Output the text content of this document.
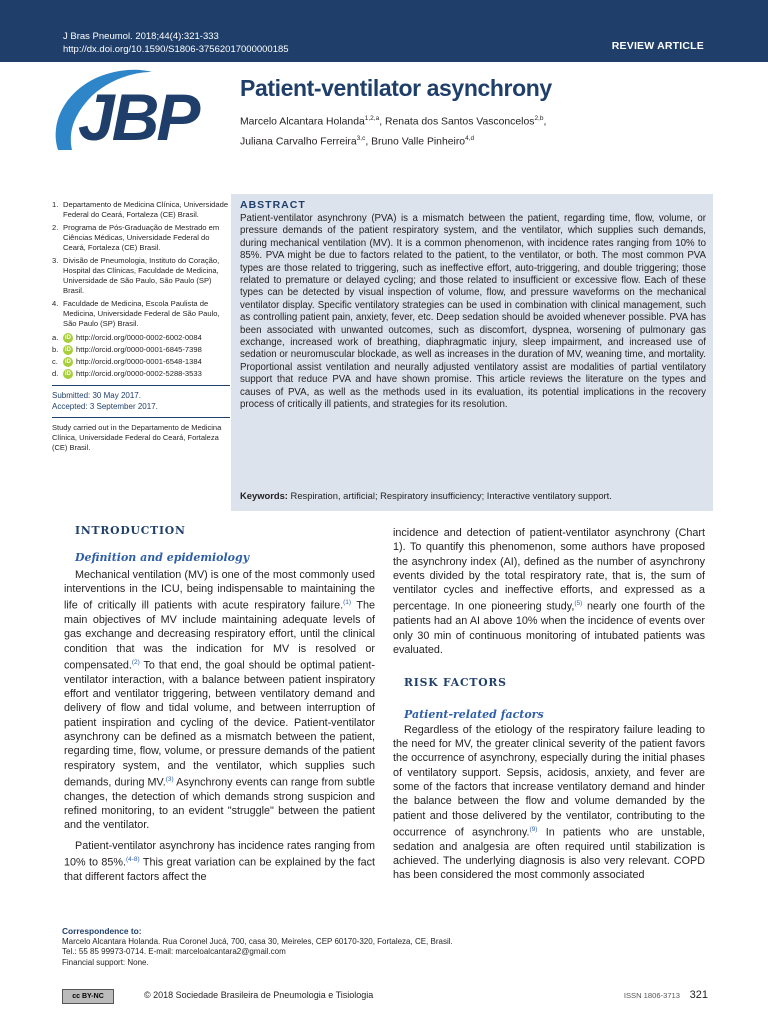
J Bras Pneumol. 2018;44(4):321-333
http://dx.doi.org/10.1590/S1806-37562017000000185	REVIEW ARTICLE
JBP Patient-ventilator asynchrony
Marcelo Alcantara Holanda$^{1,2,a}$, Renata dos Santos Vasconcelos$^{2,b}$,
Juliana Carvalho Ferreira$^{3,c}$, Bruno Valle Pinheiro$^{4,d}$
1. Departamento de Medicina Clínica, Universidade Federal do Ceará, Fortaleza (CE) Brasil.
2. Programa de Pós-Graduação de Mestrado em Ciências Médicas, Universidade Federal do Ceará, Fortaleza (CE) Brasil.
3. Divisão de Pneumologia, Instituto do Coração, Hospital das Clínicas, Faculdade de Medicina, Universidade de São Paulo, São Paulo (SP) Brasil.
4. Faculdade de Medicina, Escola Paulista de Medicina, Universidade Federal de São Paulo, São Paulo (SP) Brasil.
a.	iD http://orcid.org/0000-0002-6002-0084
b.	iD http://orcid.org/0000-0001-6845-7398
c.	iD http://orcid.org/0000-0001-6548-1384
d.	iD http://orcid.org/0000-0002-5288-3533
Submitted: 30 May 2017.
Accepted: 3 September 2017.
Study carried out in the Departamento de Medicina Clínica, Universidade Federal do Ceará, Fortaleza (CE) Brasil.
ABSTRACT
Patient-ventilator asynchrony (PVA) is a mismatch between the patient, regarding time, flow, volume, or pressure demands of the patient respiratory system, and the ventilator, which supplies such demands, during mechanical ventilation (MV). It is a common phenomenon, with incidence rates ranging from 10% to 85%. PVA might be due to factors related to the patient, to the ventilator, or both. The most common PVA types are those related to triggering, such as ineffective effort, auto-triggering, and double triggering; those related to premature or delayed cycling; and those related to insufficient or excessive flow. Each of these types can be detected by visual inspection of volume, flow, and pressure waveforms on the mechanical ventilator display. Specific ventilatory strategies can be used in combination with clinical management, such as controlling patient pain, anxiety, fever, etc. Deep sedation should be avoided whenever possible. PVA has been associated with unwanted outcomes, such as discomfort, dyspnea, worsening of pulmonary gas exchange, increased work of breathing, diaphragmatic injury, sleep impairment, and increased use of sedation or neuromuscular blockade, as well as increases in the duration of MV, weaning time, and mortality. Proportional assist ventilation and neurally adjusted ventilatory assist are modalities of partial ventilatory support that reduce PVA and have shown promise. This article reviews the literature on the types and causes of PVA, as well as the methods used in its evaluation, its potential implications in the recovery process of critically ill patients, and strategies for its resolution.
Keywords: Respiration, artificial; Respiratory insufficiency; Interactive ventilatory support.
INTRODUCTION
Definition and epidemiology

Mechanical ventilation (MV) is one of the most commonly used interventions in the ICU, being indispensable to maintaining the life of critically ill patients with acute respiratory failure.$^{(1)}$ The main objectives of MV include maintaining adequate levels of gas exchange and decreasing respiratory effort, until the clinical condition that was the indication for MV is resolved or compensated.$^{(2)}$ To that end, the goal should be optimal patient-ventilator interaction, with a balance between patient inspiratory effort and ventilator triggering, between ventilatory demand and delivery of flow and tidal volume, and between interruption of patient inspiration and cycling of the device. Patient-ventilator asynchrony can be defined as a mismatch between the patient, regarding time, flow, volume, or pressure demands of the patient respiratory system, and the ventilator, which supplies such demands, during MV.$^{(3)}$ Asynchrony events can range from subtle changes, the detection of which demands strong suspicion and refined monitoring, to an evident "struggle" between the patient and the ventilator.

Patient-ventilator asynchrony has incidence rates ranging from 10% to 85%.$^{(4-8)}$ This great variation can be explained by the fact that different factors affect the

incidence and detection of patient-ventilator asynchrony (Chart 1). To quantify this phenomenon, some authors have proposed the asynchrony index (AI), defined as the number of asynchrony events divided by the total respiratory rate, that is, the sum of ventilator cycles and ineffective efforts, and expressed as a percentage. In one pioneering study,$^{(5)}$ nearly one fourth of the patients had an AI above 10% when the incidence of events over only 30 min of continuous monitoring of intubated patients was evaluated.

RISK FACTORS
Patient-related factors

Regardless of the etiology of the respiratory failure leading to the need for MV, the greater clinical severity of the patient favors the occurrence of asynchrony, especially during the initial phases of ventilatory support. Sepsis, acidosis, anxiety, and fever are some of the factors that increase ventilatory demand and hinder the balance between the flow and volume demanded by the patient and those delivered by the ventilator, contributing to the occurrence of asynchrony.$^{(9)}$ In patients who are unstable, sedation and analgesia are often required until stabilization is achieved. The underlying diagnosis is also very relevant. COPD has been considered the most commonly associated

Correspondence to:
Marcelo Alcantara Holanda. Rua Coronel Jucá, 700, casa 30, Meireles, CEP 60170-320, Fortaleza, CE, Brasil.
Tel.: 55 85 99973-0714. E-mail: marceloalcantara2@gmail.com
Financial support: None.
cc BY-NC	© 2018 Sociedade Brasileira de Pneumologia e Tisiologia	ISSN 1806-3713 321
